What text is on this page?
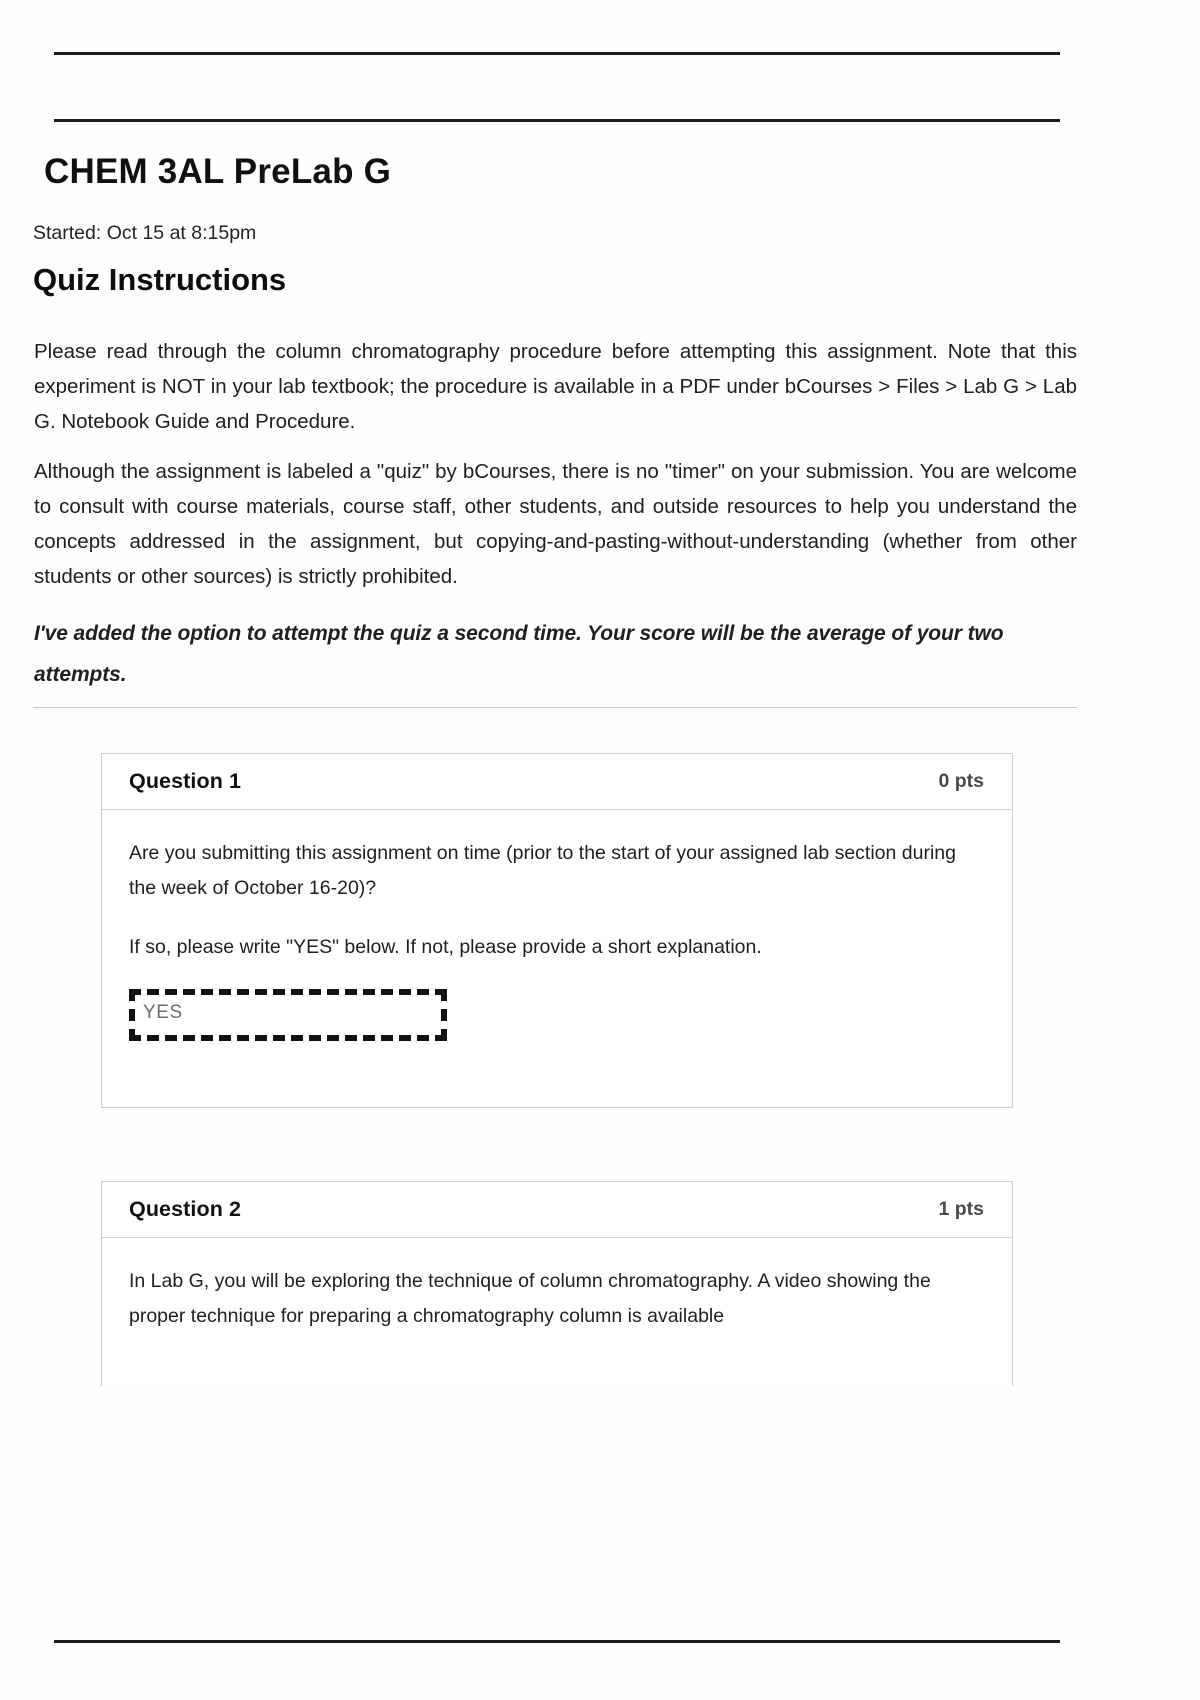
CHEM 3AL PreLab G
Started: Oct 15 at 8:15pm
Quiz Instructions
Please read through the column chromatography procedure before attempting this assignment. Note that this experiment is NOT in your lab textbook; the procedure is available in a PDF under bCourses > Files > Lab G > Lab G. Notebook Guide and Procedure.
Although the assignment is labeled a "quiz" by bCourses, there is no "timer" on your submission. You are welcome to consult with course materials, course staff, other students, and outside resources to help you understand the concepts addressed in the assignment, but copying-and-pasting-without-understanding (whether from other students or other sources) is strictly prohibited.
I've added the option to attempt the quiz a second time. Your score will be the average of your two attempts.
Question 1	0 pts

Are you submitting this assignment on time (prior to the start of your assigned lab section during the week of October 16-20)?

If so, please write "YES" below. If not, please provide a short explanation.

YES
Question 2	1 pts

In Lab G, you will be exploring the technique of column chromatography. A video showing the proper technique for preparing a chromatography column is available
